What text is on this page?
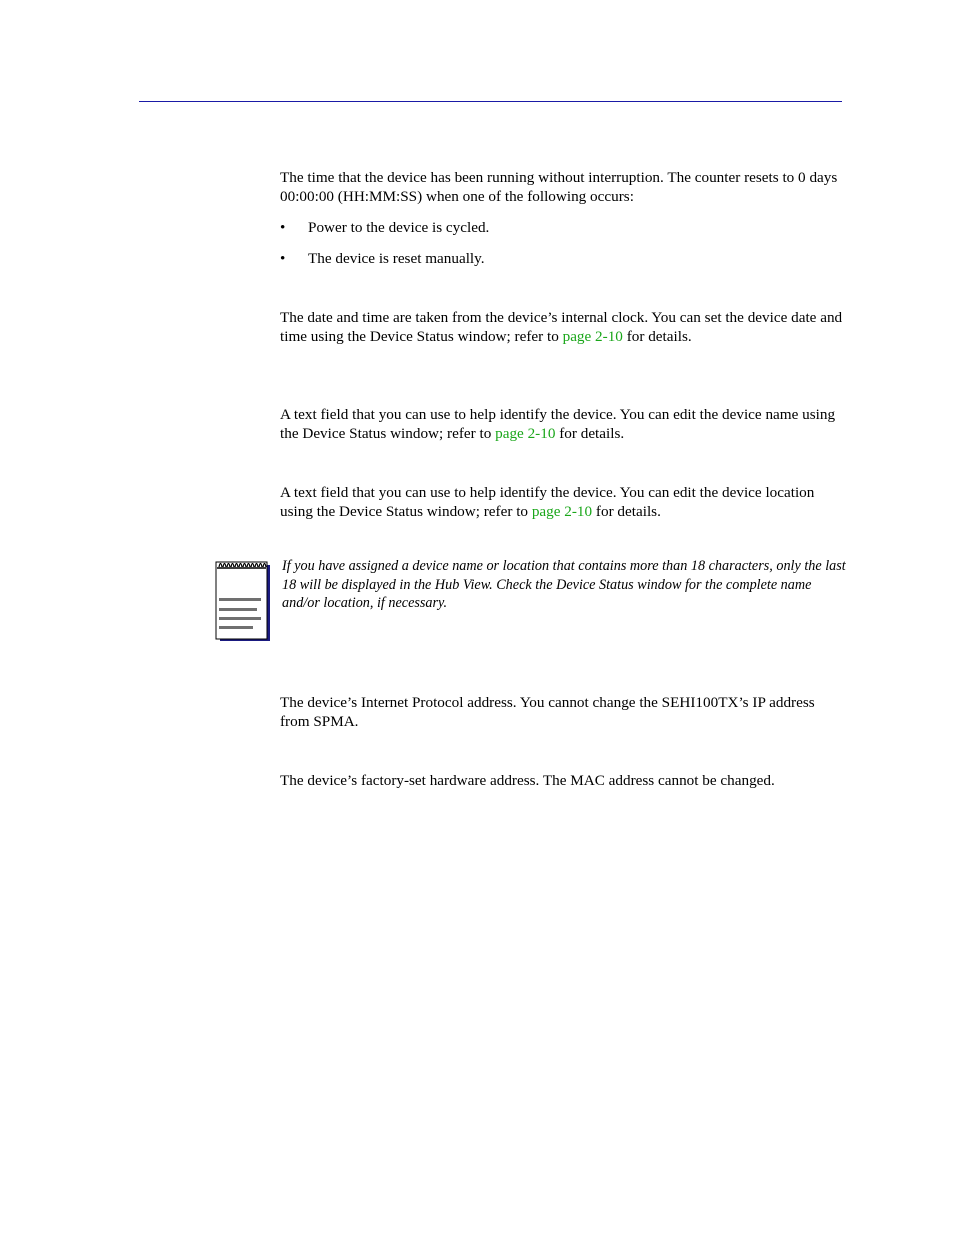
The time that the device has been running without interruption. The counter resets to 0 days 00:00:00 (HH:MM:SS) when one of the following occurs:

•	Power to the device is cycled.
•	The device is reset manually.

The date and time are taken from the device’s internal clock. You can set the device date and time using the Device Status window; refer to page 2-10 for details.

A text field that you can use to help identify the device. You can edit the device name using the Device Status window; refer to page 2-10 for details.

A text field that you can use to help identify the device. You can edit the device location using the Device Status window; refer to page 2-10 for details.

If you have assigned a device name or location that contains more than 18 characters, only the last 18 will be displayed in the Hub View. Check the Device Status window for the complete name and/or location, if necessary.

The device’s Internet Protocol address. You cannot change the SEHI100TX’s IP address from SPMA.

The device’s factory-set hardware address. The MAC address cannot be changed.
